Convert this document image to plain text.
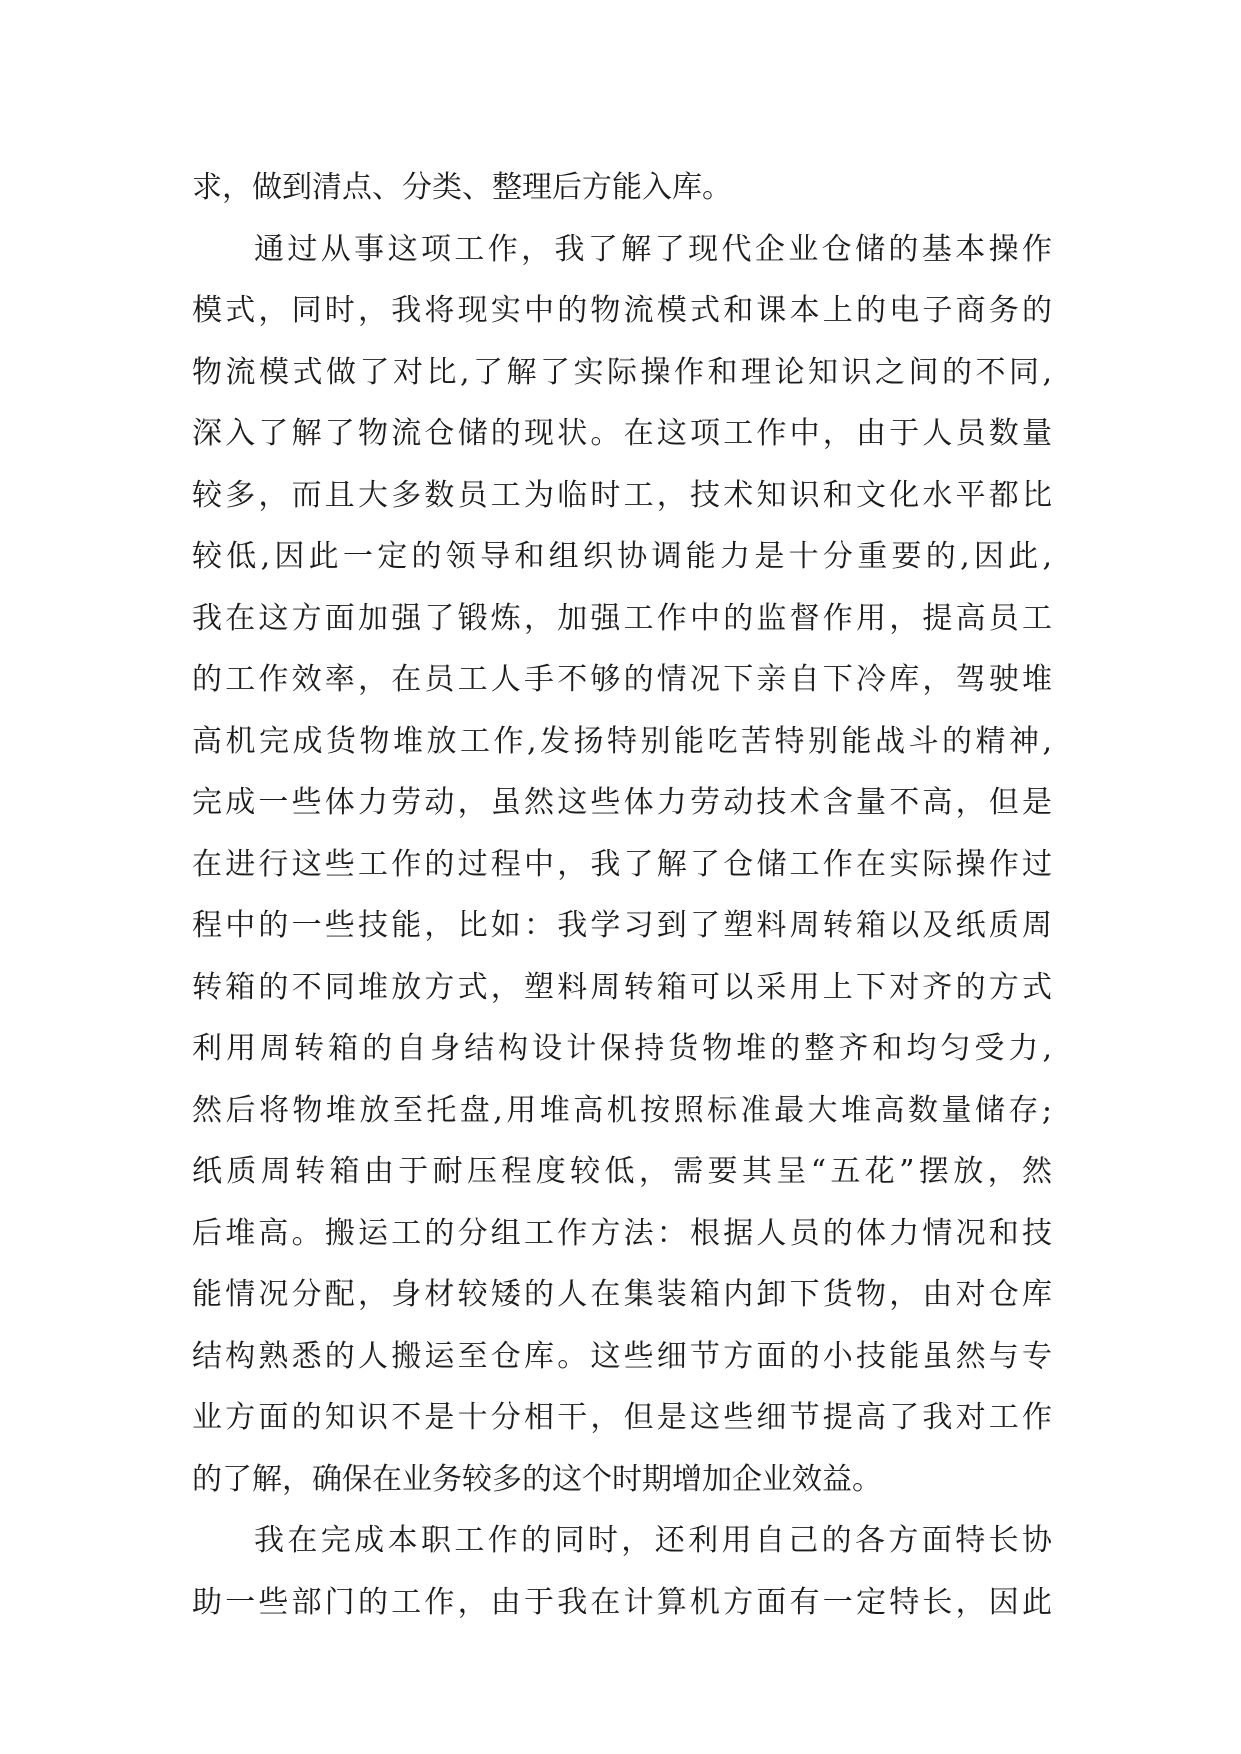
求，做到清点、分类、整理后方能入库。
通过从事这项工作，我了解了现代企业仓储的基本操作
模式，同时，我将现实中的物流模式和课本上的电子商务的
物流模式做了对比,了解了实际操作和理论知识之间的不同,
深入了解了物流仓储的现状。在这项工作中，由于人员数量
较多，而且大多数员工为临时工，技术知识和文化水平都比
较低,因此一定的领导和组织协调能力是十分重要的,因此,
我在这方面加强了锻炼，加强工作中的监督作用，提高员工
的工作效率，在员工人手不够的情况下亲自下冷库，驾驶堆
高机完成货物堆放工作,发扬特别能吃苦特别能战斗的精神,
完成一些体力劳动，虽然这些体力劳动技术含量不高，但是
在进行这些工作的过程中，我了解了仓储工作在实际操作过
程中的一些技能，比如：我学习到了塑料周转箱以及纸质周
转箱的不同堆放方式，塑料周转箱可以采用上下对齐的方式
利用周转箱的自身结构设计保持货物堆的整齐和均匀受力,
然后将物堆放至托盘,用堆高机按照标准最大堆高数量储存;
纸质周转箱由于耐压程度较低，需要其呈“五花”摆放，然
后堆高。搬运工的分组工作方法：根据人员的体力情况和技
能情况分配，身材较矮的人在集装箱内卸下货物，由对仓库
结构熟悉的人搬运至仓库。这些细节方面的小技能虽然与专
业方面的知识不是十分相干，但是这些细节提高了我对工作
的了解，确保在业务较多的这个时期增加企业效益。
我在完成本职工作的同时，还利用自己的各方面特长协
助一些部门的工作，由于我在计算机方面有一定特长，因此
